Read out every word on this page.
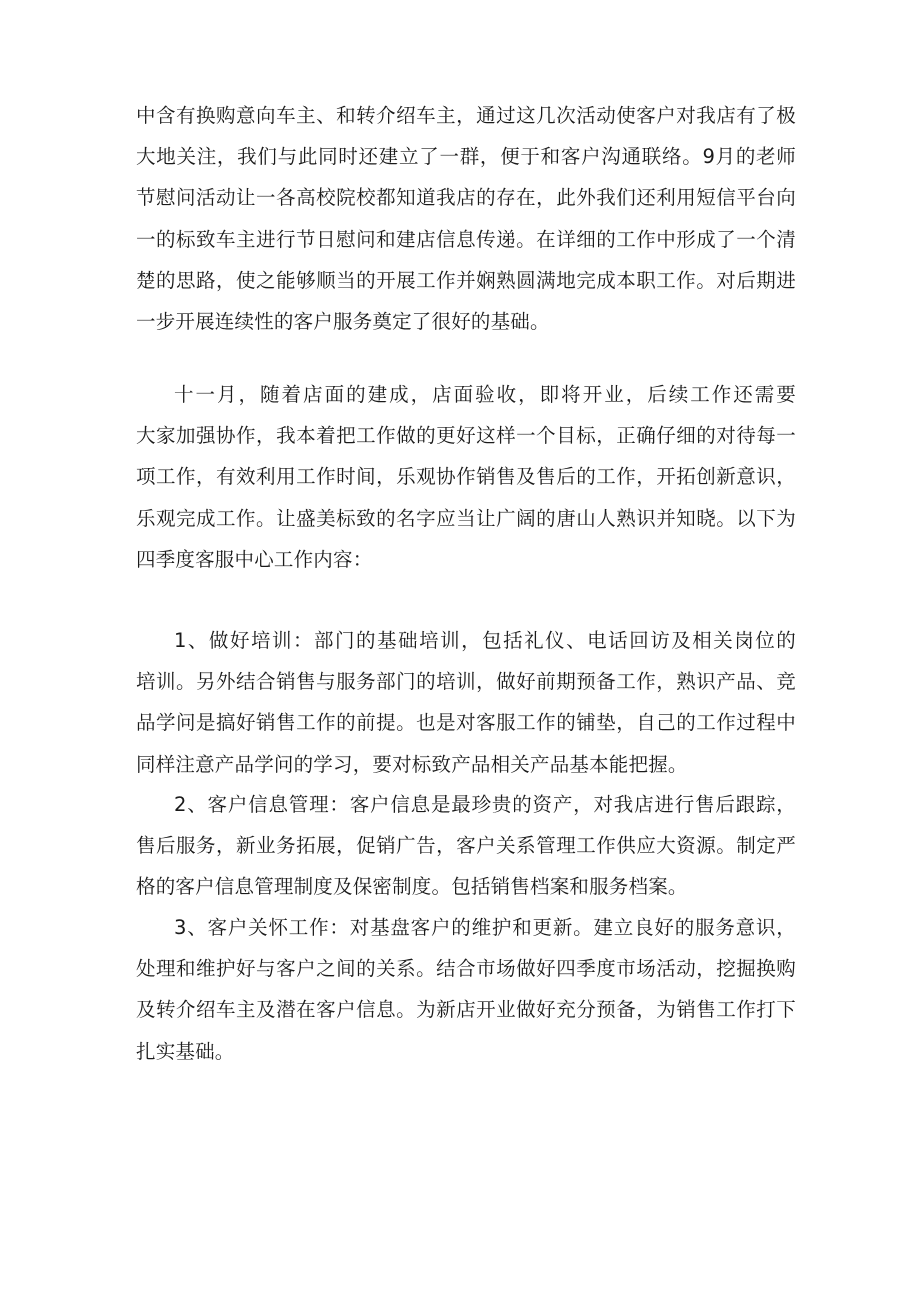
中含有换购意向车主、和转介绍车主，通过这几次活动使客户对我店有了极
大地关注，我们与此同时还建立了一群，便于和客户沟通联络。9月的老师
节慰问活动让一各高校院校都知道我店的存在，此外我们还利用短信平台向
一的标致车主进行节日慰问和建店信息传递。在详细的工作中形成了一个清
楚的思路，使之能够顺当的开展工作并娴熟圆满地完成本职工作。对后期进
一步开展连续性的客户服务奠定了很好的基础。
十一月，随着店面的建成，店面验收，即将开业，后续工作还需要
大家加强协作，我本着把工作做的更好这样一个目标，正确仔细的对待每一
项工作，有效利用工作时间，乐观协作销售及售后的工作，开拓创新意识，
乐观完成工作。让盛美标致的名字应当让广阔的唐山人熟识并知晓。以下为
四季度客服中心工作内容：
1、做好培训：部门的基础培训，包括礼仪、电话回访及相关岗位的
培训。另外结合销售与服务部门的培训，做好前期预备工作，熟识产品、竞
品学问是搞好销售工作的前提。也是对客服工作的铺垫，自己的工作过程中
同样注意产品学问的学习，要对标致产品相关产品基本能把握。
2、客户信息管理：客户信息是最珍贵的资产，对我店进行售后跟踪，
售后服务，新业务拓展，促销广告，客户关系管理工作供应大资源。制定严
格的客户信息管理制度及保密制度。包括销售档案和服务档案。
3、客户关怀工作：对基盘客户的维护和更新。建立良好的服务意识，
处理和维护好与客户之间的关系。结合市场做好四季度市场活动，挖掘换购
及转介绍车主及潜在客户信息。为新店开业做好充分预备，为销售工作打下
扎实基础。
